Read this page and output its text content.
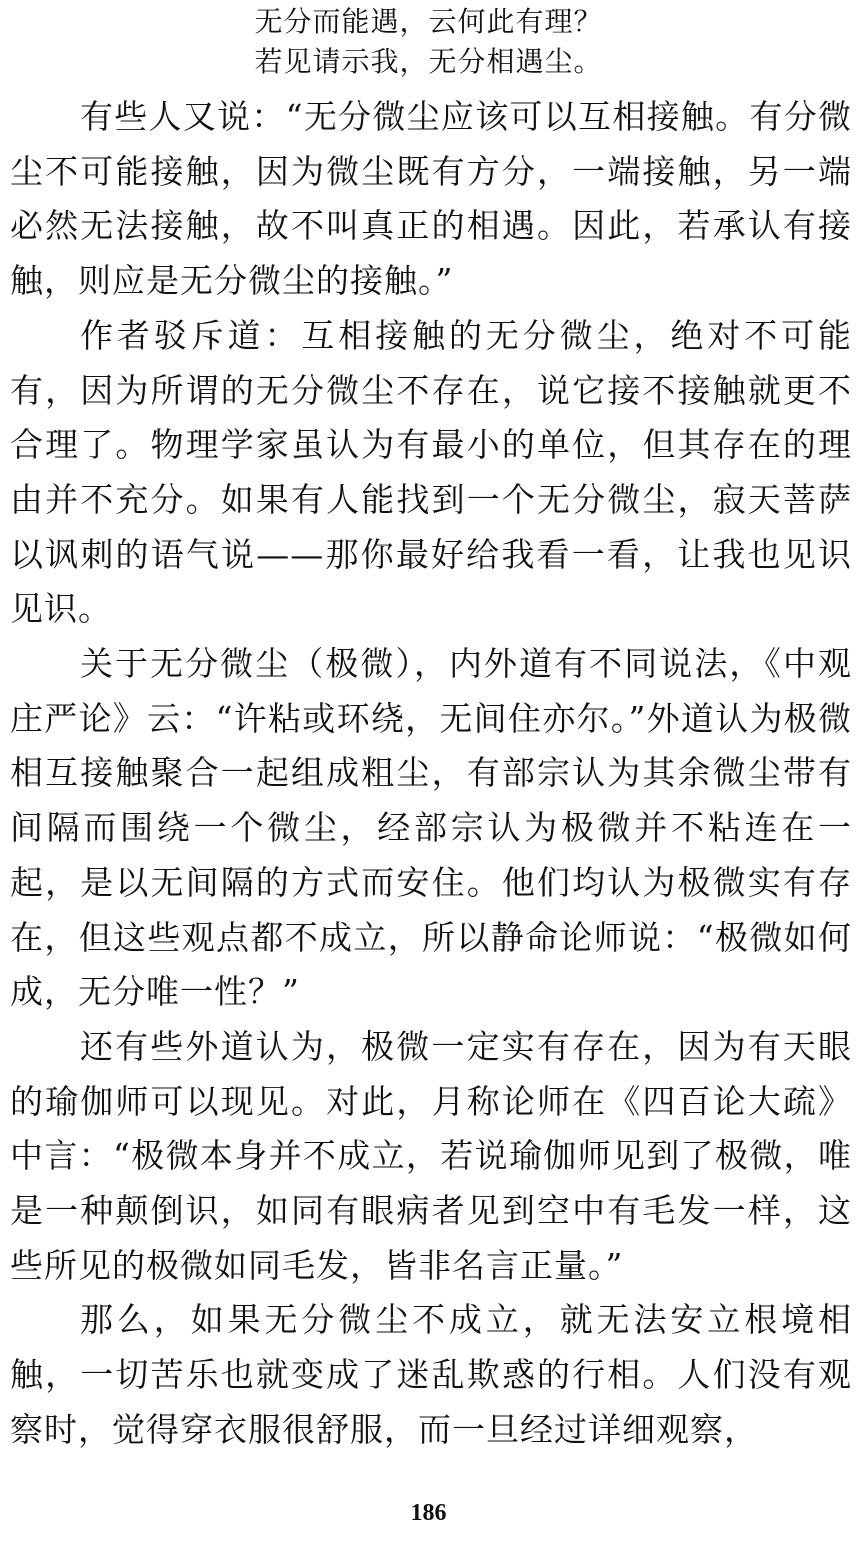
无分而能遇，云何此有理？
若见请示我，无分相遇尘。

有些人又说：“无分微尘应该可以互相接触。有分微尘不可能接触，因为微尘既有方分，一端接触，另一端必然无法接触，故不叫真正的相遇。因此，若承认有接触，则应是无分微尘的接触。”

作者驳斥道：互相接触的无分微尘，绝对不可能有，因为所谓的无分微尘不存在，说它接不接触就更不合理了。物理学家虽认为有最小的单位，但其存在的理由并不充分。如果有人能找到一个无分微尘，寂天菩萨以讽刺的语气说——那你最好给我看一看，让我也见识见识。

关于无分微尘（极微），内外道有不同说法，《中观庄严论》云：“许粘或环绕，无间住亦尔。”外道认为极微相互接触聚合一起组成粗尘，有部宗认为其余微尘带有间隔而围绕一个微尘，经部宗认为极微并不粘连在一起，是以无间隔的方式而安住。他们均认为极微实有存在，但这些观点都不成立，所以静命论师说：“极微如何成，无分唯一性？”

还有些外道认为，极微一定实有存在，因为有天眼的瑜伽师可以现见。对此，月称论师在《四百论大疏》中言：“极微本身并不成立，若说瑜伽师见到了极微，唯是一种颠倒识，如同有眼病者见到空中有毛发一样，这些所见的极微如同毛发，皆非名言正量。”

那么，如果无分微尘不成立，就无法安立根境相触，一切苦乐也就变成了迷乱欺惑的行相。人们没有观察时，觉得穿衣服很舒服，而一旦经过详细观察，

186
